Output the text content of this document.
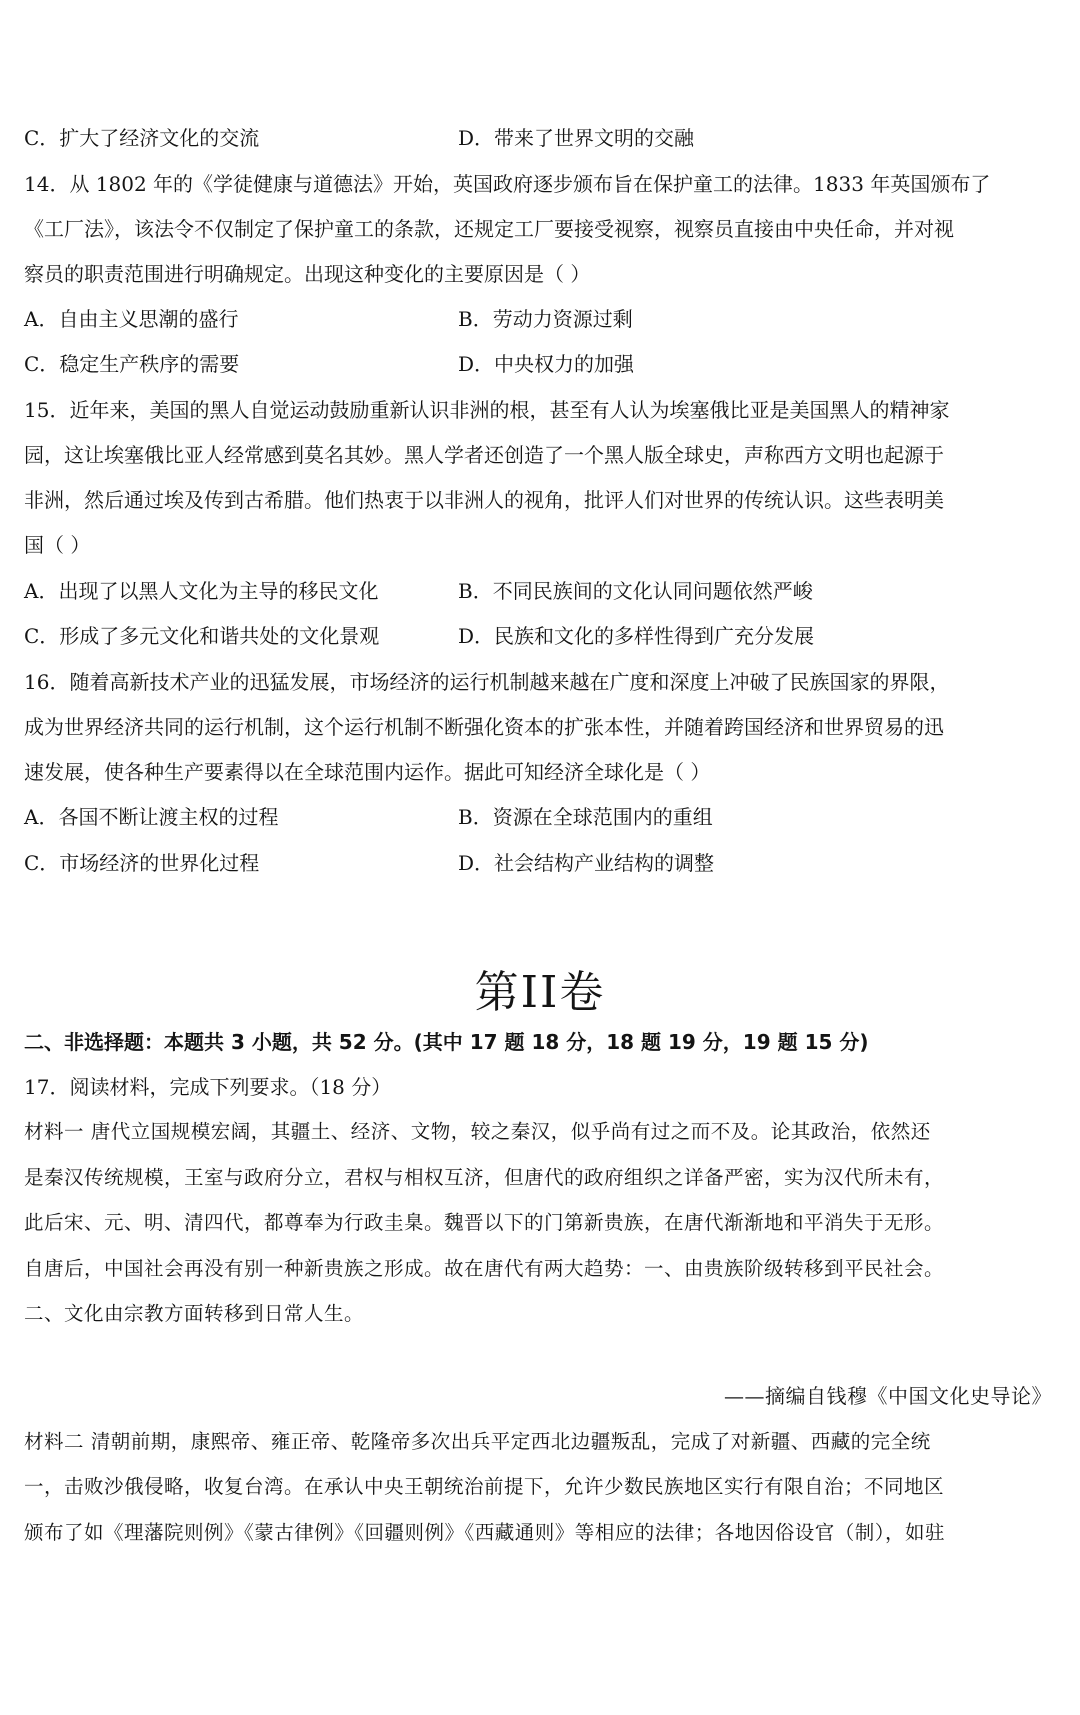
C．扩大了经济文化的交流	D．带来了世界文明的交融
14．从 1802 年的《学徒健康与道德法》开始，英国政府逐步颁布旨在保护童工的法律。1833 年英国颁布了
《工厂法》，该法令不仅制定了保护童工的条款，还规定工厂要接受视察，视察员直接由中央任命，并对视
察员的职责范围进行明确规定。出现这种变化的主要原因是（ ）
A．自由主义思潮的盛行	B．劳动力资源过剩
C．稳定生产秩序的需要	D．中央权力的加强
15．近年来，美国的黑人自觉运动鼓励重新认识非洲的根，甚至有人认为埃塞俄比亚是美国黑人的精神家
园，这让埃塞俄比亚人经常感到莫名其妙。黑人学者还创造了一个黑人版全球史，声称西方文明也起源于
非洲，然后通过埃及传到古希腊。他们热衷于以非洲人的视角，批评人们对世界的传统认识。这些表明美
国（ ）
A．出现了以黑人文化为主导的移民文化	B．不同民族间的文化认同问题依然严峻
C．形成了多元文化和谐共处的文化景观	D．民族和文化的多样性得到广充分发展
16．随着高新技术产业的迅猛发展，市场经济的运行机制越来越在广度和深度上冲破了民族国家的界限，
成为世界经济共同的运行机制，这个运行机制不断强化资本的扩张本性，并随着跨国经济和世界贸易的迅
速发展，使各种生产要素得以在全球范围内运作。据此可知经济全球化是（ ）
A．各国不断让渡主权的过程	B．资源在全球范围内的重组
C．市场经济的世界化过程	D．社会结构产业结构的调整
第II卷
二、非选择题：本题共 3 小题，共 52 分。(其中 17 题 18 分，18 题 19 分，19 题 15 分)
17．阅读材料，完成下列要求。（18 分）
材料一 唐代立国规模宏阔，其疆土、经济、文物，较之秦汉，似乎尚有过之而不及。论其政治，依然还
是秦汉传统规模，王室与政府分立，君权与相权互济，但唐代的政府组织之详备严密，实为汉代所未有，
此后宋、元、明、清四代，都尊奉为行政圭臬。魏晋以下的门第新贵族，在唐代渐渐地和平消失于无形。
自唐后，中国社会再没有别一种新贵族之形成。故在唐代有两大趋势：一、由贵族阶级转移到平民社会。
二、文化由宗教方面转移到日常人生。
——摘编自钱穆《中国文化史导论》
材料二 清朝前期，康熙帝、雍正帝、乾隆帝多次出兵平定西北边疆叛乱，完成了对新疆、西藏的完全统
一，击败沙俄侵略，收复台湾。在承认中央王朝统治前提下，允许少数民族地区实行有限自治；不同地区
颁布了如《理藩院则例》《蒙古律例》《回疆则例》《西藏通则》等相应的法律；各地因俗设官（制），如驻
